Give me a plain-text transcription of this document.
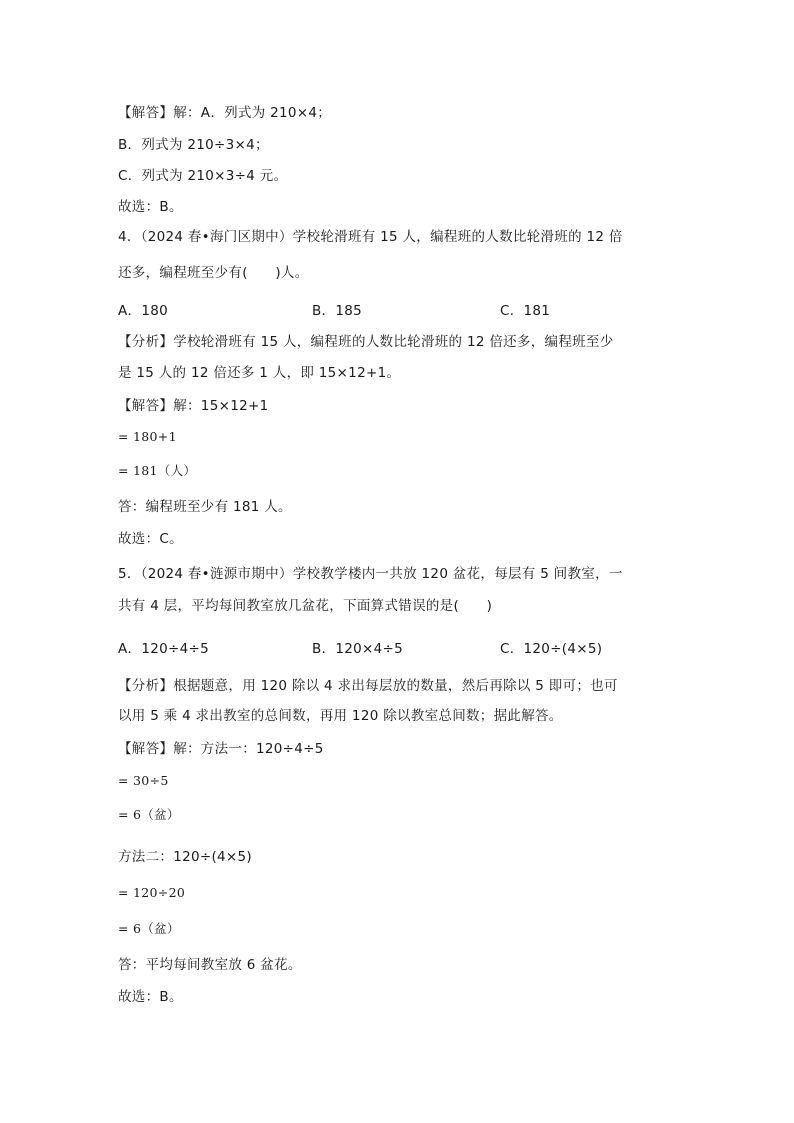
【解答】解：A．列式为 210×4；
B．列式为 210÷3×4；
C．列式为 210×3÷4 元。
故选：B。
4．（2024 春•海门区期中）学校轮滑班有 15 人，编程班的人数比轮滑班的 12 倍
还多，编程班至少有(　　)人。
A．180	B．185	C．181
【分析】学校轮滑班有 15 人，编程班的人数比轮滑班的 12 倍还多，编程班至少
是 15 人的 12 倍还多 1 人，即 15×12+1。
【解答】解：15×12+1
= 180+1
= 181（人）
答：编程班至少有 181 人。
故选：C。
5．（2024 春•涟源市期中）学校教学楼内一共放 120 盆花，每层有 5 间教室，一
共有 4 层，平均每间教室放几盆花，下面算式错误的是(　　)
A．120÷4÷5	B．120×4÷5	C．120÷(4×5)
【分析】根据题意，用 120 除以 4 求出每层放的数量，然后再除以 5 即可；也可
以用 5 乘 4 求出教室的总间数，再用 120 除以教室总间数；据此解答。
【解答】解：方法一：120÷4÷5
= 30÷5
= 6（盆）
方法二：120÷(4×5)
= 120÷20
= 6（盆）
答：平均每间教室放 6 盆花。
故选：B。
